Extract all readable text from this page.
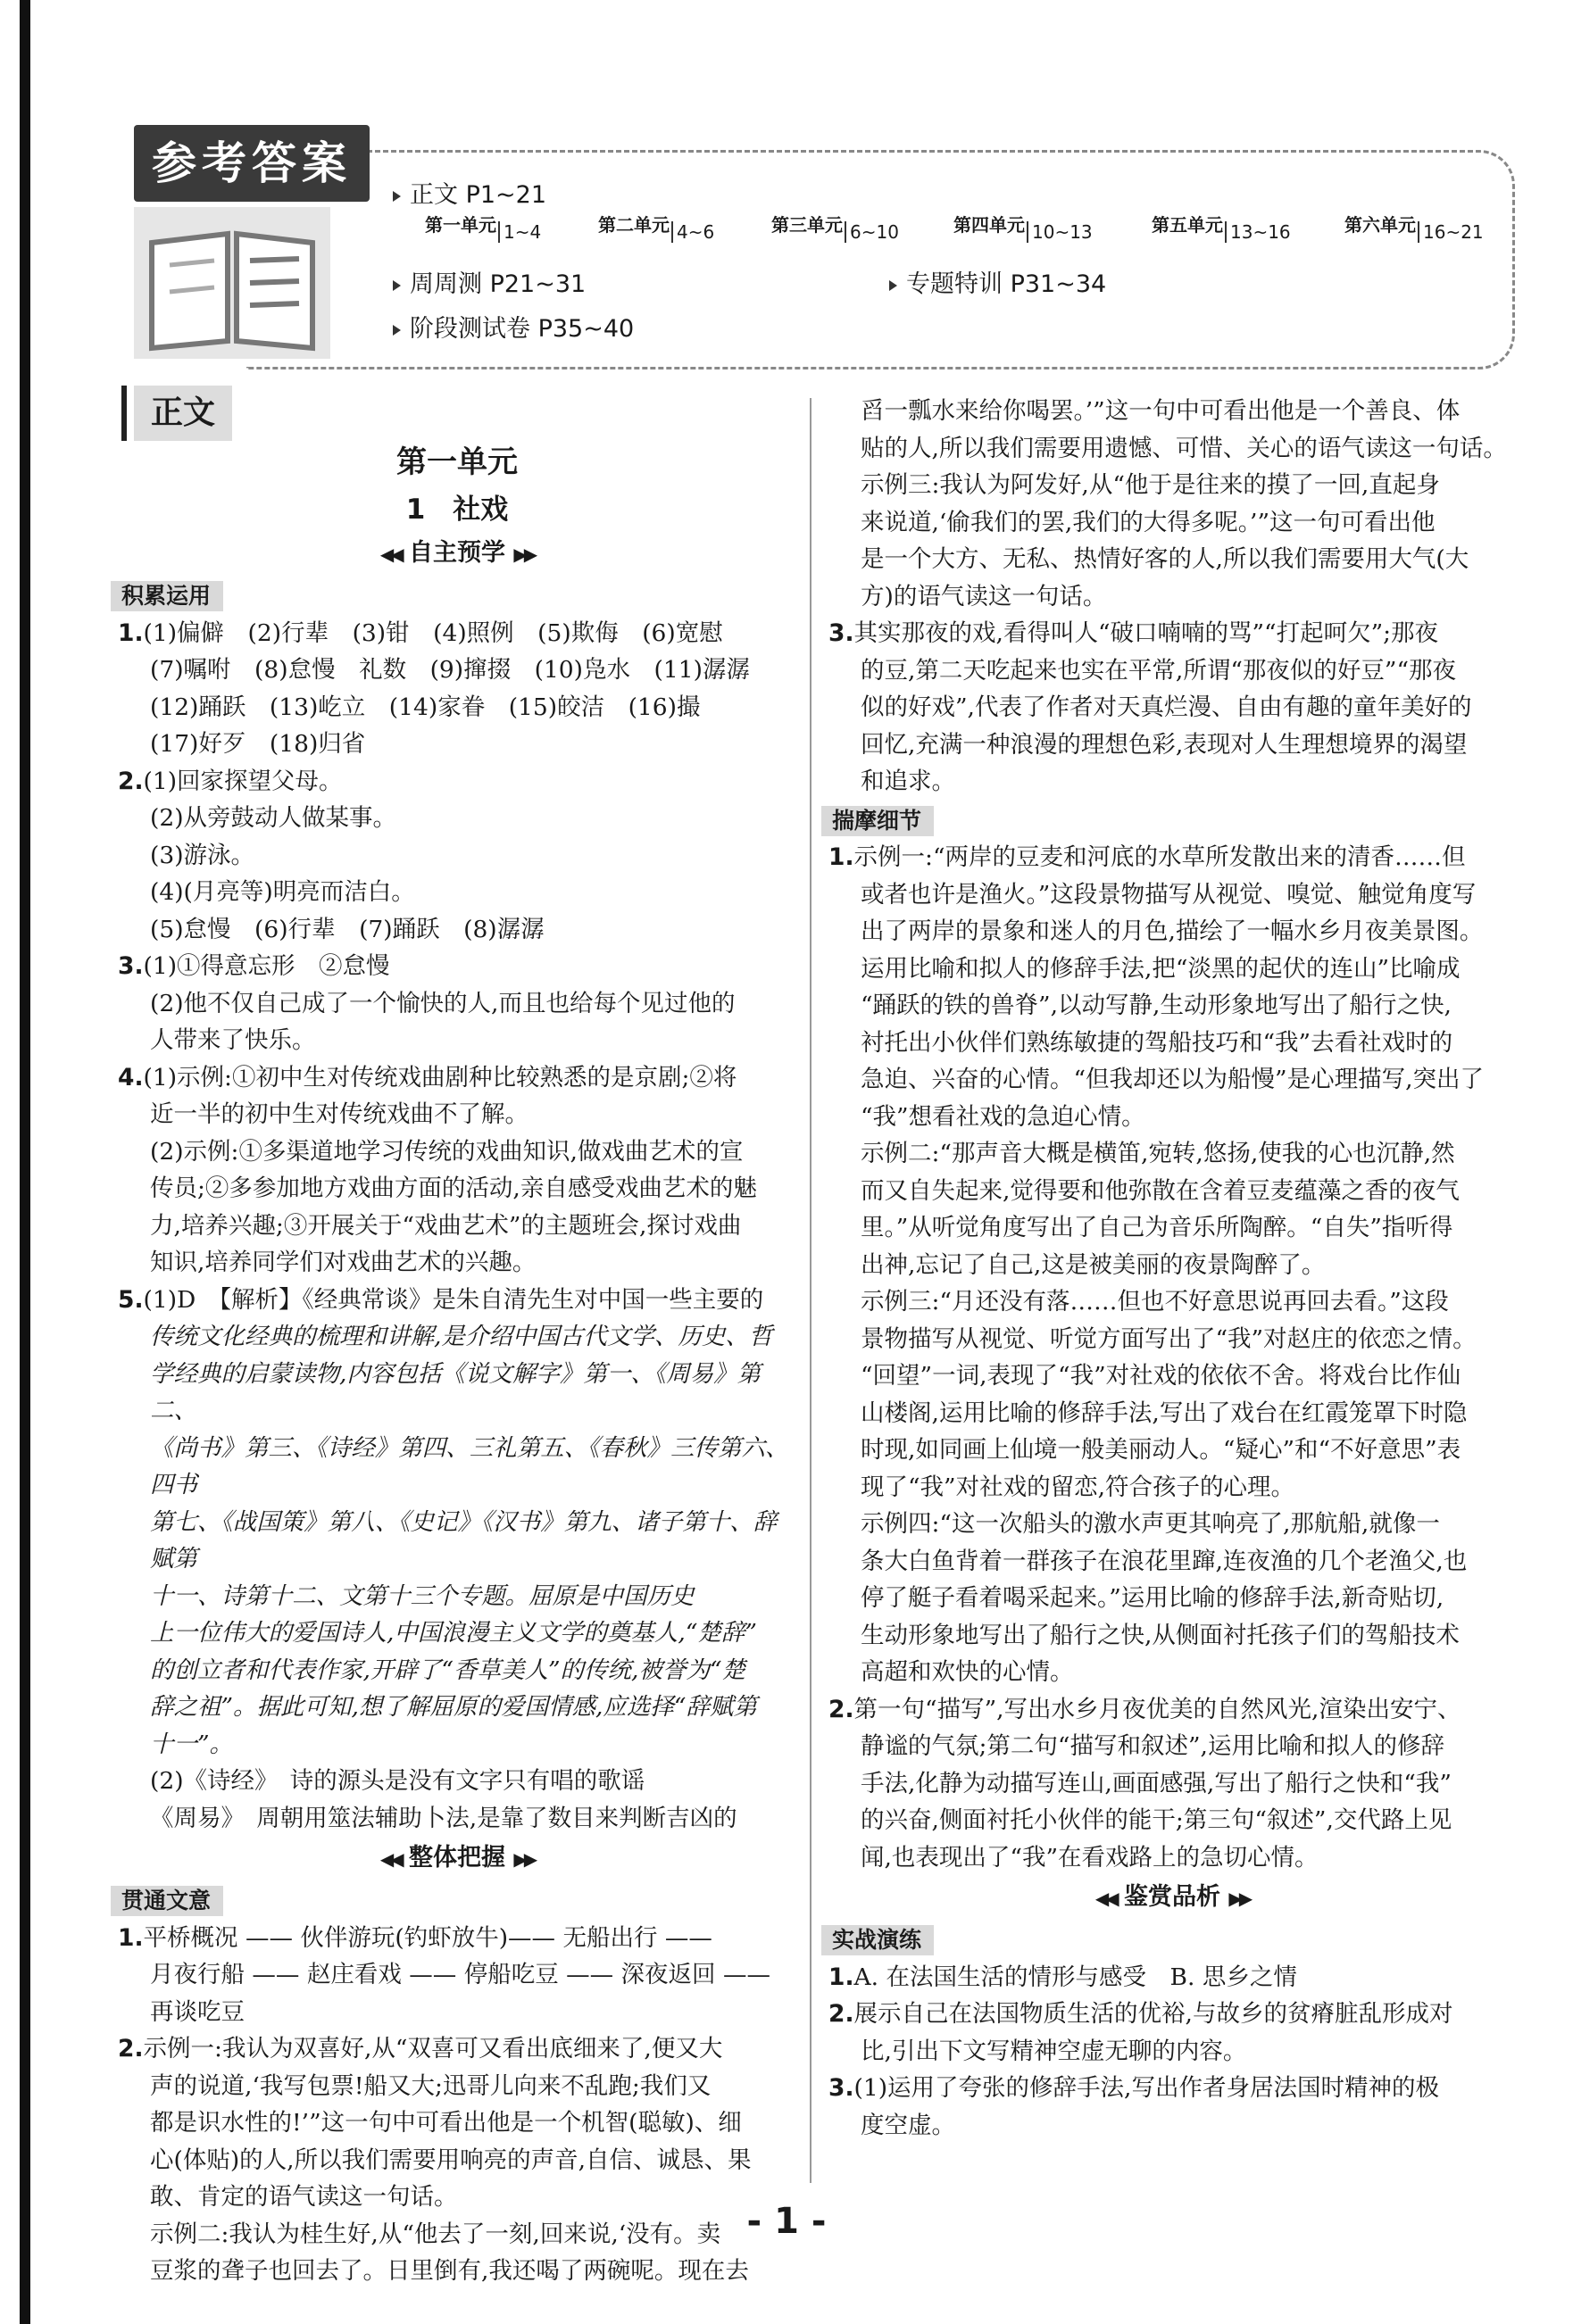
参考答案
正文 P1~21
第一单元 1~4	第二单元 4~6	第三单元 6~10	第四单元 10~13	第五单元 13~16	第六单元 16~21
周周测 P21~31	专题特训 P31~34
阶段测试卷 P35~40
正文

第一单元

1　社戏

◀◀ 自主预学 ▶▶

积累运用

1.(1)偏僻　(2)行辈　(3)钳　(4)照例　(5)欺侮　(6)宽慰

(7)嘱咐　(8)怠慢　礼数　(9)撺掇　(10)凫水　(11)潺潺

(12)踊跃　(13)屹立　(14)家眷　(15)皎洁　(16)撮

(17)好歹　(18)归省

2.(1)回家探望父母。

(2)从旁鼓动人做某事。

(3)游泳。

(4)(月亮等)明亮而洁白。

(5)怠慢　(6)行辈　(7)踊跃　(8)潺潺

3.(1)①得意忘形　②怠慢

(2)他不仅自己成了一个愉快的人,而且也给每个见过他的

人带来了快乐。

4.(1)示例:①初中生对传统戏曲剧种比较熟悉的是京剧;②将

近一半的初中生对传统戏曲不了解。

(2)示例:①多渠道地学习传统的戏曲知识,做戏曲艺术的宣

传员;②多参加地方戏曲方面的活动,亲自感受戏曲艺术的魅

力,培养兴趣;③开展关于“戏曲艺术”的主题班会,探讨戏曲

知识,培养同学们对戏曲艺术的兴趣。

5.(1)D　【解析】《经典常谈》是朱自清先生对中国一些主要的

传统文化经典的梳理和讲解,是介绍中国古代文学、历史、哲

学经典的启蒙读物,内容包括《说文解字》第一、《周易》第二、

《尚书》第三、《诗经》第四、三礼第五、《春秋》三传第六、四书

第七、《战国策》第八、《史记》《汉书》第九、诸子第十、辞赋第

十一、诗第十二、文第十三个专题。屈原是中国历史

上一位伟大的爱国诗人,中国浪漫主义文学的奠基人,“楚辞”

的创立者和代表作家,开辟了“香草美人”的传统,被誉为“楚

辞之祖”。据此可知,想了解屈原的爱国情感,应选择“辞赋第

十一”。

(2)《诗经》　诗的源头是没有文字只有唱的歌谣

《周易》　周朝用筮法辅助卜法,是靠了数目来判断吉凶的

◀◀ 整体把握 ▶▶

贯通文意

1.平桥概况 —— 伙伴游玩(钓虾放牛)—— 无船出行 ——

月夜行船 —— 赵庄看戏 —— 停船吃豆 —— 深夜返回 ——

再谈吃豆

2.示例一:我认为双喜好,从“双喜可又看出底细来了,便又大

声的说道,‘我写包票!船又大;迅哥儿向来不乱跑;我们又

都是识水性的!’”这一句中可看出他是一个机智(聪敏)、细

心(体贴)的人,所以我们需要用响亮的声音,自信、诚恳、果

敢、肯定的语气读这一句话。

示例二:我认为桂生好,从“他去了一刻,回来说,‘没有。卖

豆浆的聋子也回去了。日里倒有,我还喝了两碗呢。现在去

舀一瓢水来给你喝罢。’”这一句中可看出他是一个善良、体

贴的人,所以我们需要用遗憾、可惜、关心的语气读这一句话。

示例三:我认为阿发好,从“他于是往来的摸了一回,直起身

来说道,‘偷我们的罢,我们的大得多呢。’”这一句可看出他

是一个大方、无私、热情好客的人,所以我们需要用大气(大

方)的语气读这一句话。

3.其实那夜的戏,看得叫人“破口喃喃的骂”“打起呵欠”;那夜

的豆,第二天吃起来也实在平常,所谓“那夜似的好豆”“那夜

似的好戏”,代表了作者对天真烂漫、自由有趣的童年美好的

回忆,充满一种浪漫的理想色彩,表现对人生理想境界的渴望

和追求。

揣摩细节

1.示例一:“两岸的豆麦和河底的水草所发散出来的清香……但

或者也许是渔火。”这段景物描写从视觉、嗅觉、触觉角度写

出了两岸的景象和迷人的月色,描绘了一幅水乡月夜美景图。

运用比喻和拟人的修辞手法,把“淡黑的起伏的连山”比喻成

“踊跃的铁的兽脊”,以动写静,生动形象地写出了船行之快,

衬托出小伙伴们熟练敏捷的驾船技巧和“我”去看社戏时的

急迫、兴奋的心情。“但我却还以为船慢”是心理描写,突出了

“我”想看社戏的急迫心情。

示例二:“那声音大概是横笛,宛转,悠扬,使我的心也沉静,然

而又自失起来,觉得要和他弥散在含着豆麦蕴藻之香的夜气

里。”从听觉角度写出了自己为音乐所陶醉。“自失”指听得

出神,忘记了自己,这是被美丽的夜景陶醉了。

示例三:“月还没有落……但也不好意思说再回去看。”这段

景物描写从视觉、听觉方面写出了“我”对赵庄的依恋之情。

“回望”一词,表现了“我”对社戏的依依不舍。将戏台比作仙

山楼阁,运用比喻的修辞手法,写出了戏台在红霞笼罩下时隐

时现,如同画上仙境一般美丽动人。“疑心”和“不好意思”表

现了“我”对社戏的留恋,符合孩子的心理。

示例四:“这一次船头的激水声更其响亮了,那航船,就像一

条大白鱼背着一群孩子在浪花里蹿,连夜渔的几个老渔父,也

停了艇子看着喝采起来。”运用比喻的修辞手法,新奇贴切,

生动形象地写出了船行之快,从侧面衬托孩子们的驾船技术

高超和欢快的心情。

2.第一句“描写”,写出水乡月夜优美的自然风光,渲染出安宁、

静谧的气氛;第二句“描写和叙述”,运用比喻和拟人的修辞

手法,化静为动描写连山,画面感强,写出了船行之快和“我”

的兴奋,侧面衬托小伙伴的能干;第三句“叙述”,交代路上见

闻,也表现出了“我”在看戏路上的急切心情。

◀◀ 鉴赏品析 ▶▶

实战演练

1.A. 在法国生活的情形与感受　B. 思乡之情

2.展示自己在法国物质生活的优裕,与故乡的贫瘠脏乱形成对

比,引出下文写精神空虚无聊的内容。

3.(1)运用了夸张的修辞手法,写出作者身居法国时精神的极

度空虚。

- 1 -
